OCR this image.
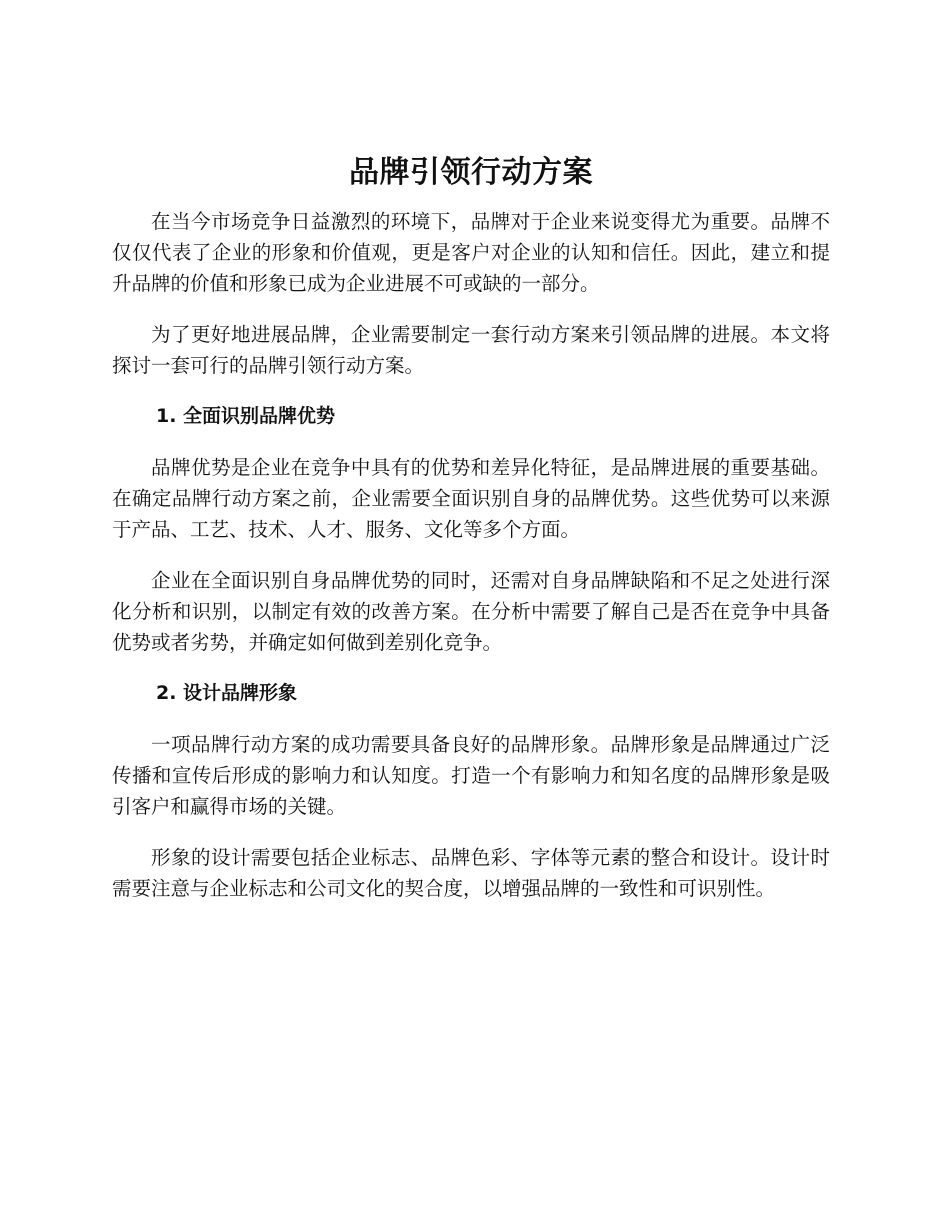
品牌引领行动方案

在当今市场竞争日益激烈的环境下，品牌对于企业来说变得尤为重要。品牌不仅仅代表了企业的形象和价值观，更是客户对企业的认知和信任。因此，建立和提升品牌的价值和形象已成为企业进展不可或缺的一部分。

为了更好地进展品牌，企业需要制定一套行动方案来引领品牌的进展。本文将探讨一套可行的品牌引领行动方案。

1. 全面识别品牌优势

品牌优势是企业在竞争中具有的优势和差异化特征，是品牌进展的重要基础。在确定品牌行动方案之前，企业需要全面识别自身的品牌优势。这些优势可以来源于产品、工艺、技术、人才、服务、文化等多个方面。

企业在全面识别自身品牌优势的同时，还需对自身品牌缺陷和不足之处进行深化分析和识别，以制定有效的改善方案。在分析中需要了解自己是否在竞争中具备优势或者劣势，并确定如何做到差别化竞争。

2. 设计品牌形象

一项品牌行动方案的成功需要具备良好的品牌形象。品牌形象是品牌通过广泛传播和宣传后形成的影响力和认知度。打造一个有影响力和知名度的品牌形象是吸引客户和赢得市场的关键。

形象的设计需要包括企业标志、品牌色彩、字体等元素的整合和设计。设计时需要注意与企业标志和公司文化的契合度，以增强品牌的一致性和可识别性。
